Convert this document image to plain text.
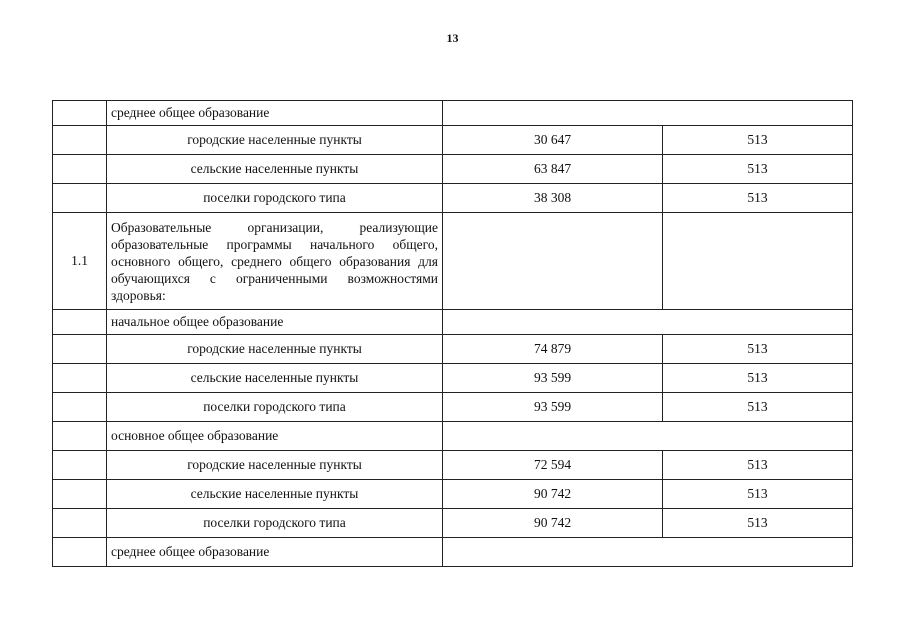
13
	среднее общее образование		
	городские населенные пункты	30 647	513
	сельские населенные пункты	63 847	513
	поселки городского типа	38 308	513
1.1	Образовательные организации, реализующие образовательные программы начального общего, основного общего, среднего общего образования для обучающихся с ограниченными возможностями здоровья:		
	начальное общее образование		
	городские населенные пункты	74 879	513
	сельские населенные пункты	93 599	513
	поселки городского типа	93 599	513
	основное общее образование		
	городские населенные пункты	72 594	513
	сельские населенные пункты	90 742	513
	поселки городского типа	90 742	513
	среднее общее образование		
